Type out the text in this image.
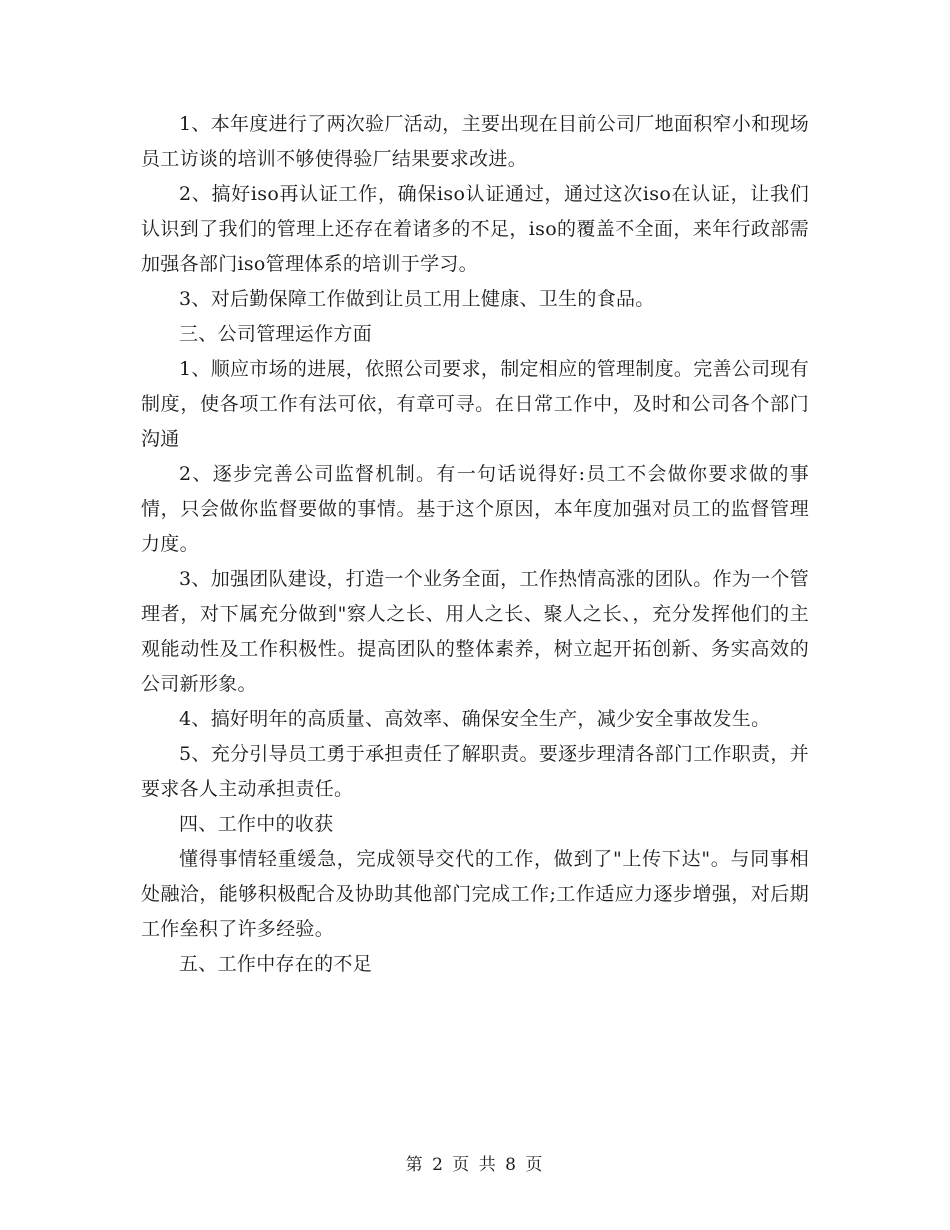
1、本年度进行了两次验厂活动，主要出现在目前公司厂地面积窄小和现场员工访谈的培训不够使得验厂结果要求改进。

2、搞好iso再认证工作，确保iso认证通过，通过这次iso在认证，让我们认识到了我们的管理上还存在着诸多的不足，iso的覆盖不全面，来年行政部需加强各部门iso管理体系的培训于学习。

3、对后勤保障工作做到让员工用上健康、卫生的食品。

三、公司管理运作方面

1、顺应市场的进展，依照公司要求，制定相应的管理制度。完善公司现有制度，使各项工作有法可依，有章可寻。在日常工作中，及时和公司各个部门沟通

2、逐步完善公司监督机制。有一句话说得好:员工不会做你要求做的事情，只会做你监督要做的事情。基于这个原因，本年度加强对员工的监督管理力度。

3、加强团队建设，打造一个业务全面，工作热情高涨的团队。作为一个管理者，对下属充分做到"察人之长、用人之长、聚人之长、，充分发挥他们的主观能动性及工作积极性。提高团队的整体素养，树立起开拓创新、务实高效的公司新形象。

4、搞好明年的高质量、高效率、确保安全生产，减少安全事故发生。

5、充分引导员工勇于承担责任了解职责。要逐步理清各部门工作职责，并要求各人主动承担责任。

四、工作中的收获

懂得事情轻重缓急，完成领导交代的工作，做到了"上传下达"。与同事相处融洽，能够积极配合及协助其他部门完成工作;工作适应力逐步增强，对后期工作垒积了许多经验。

五、工作中存在的不足

第 2 页 共 8 页
